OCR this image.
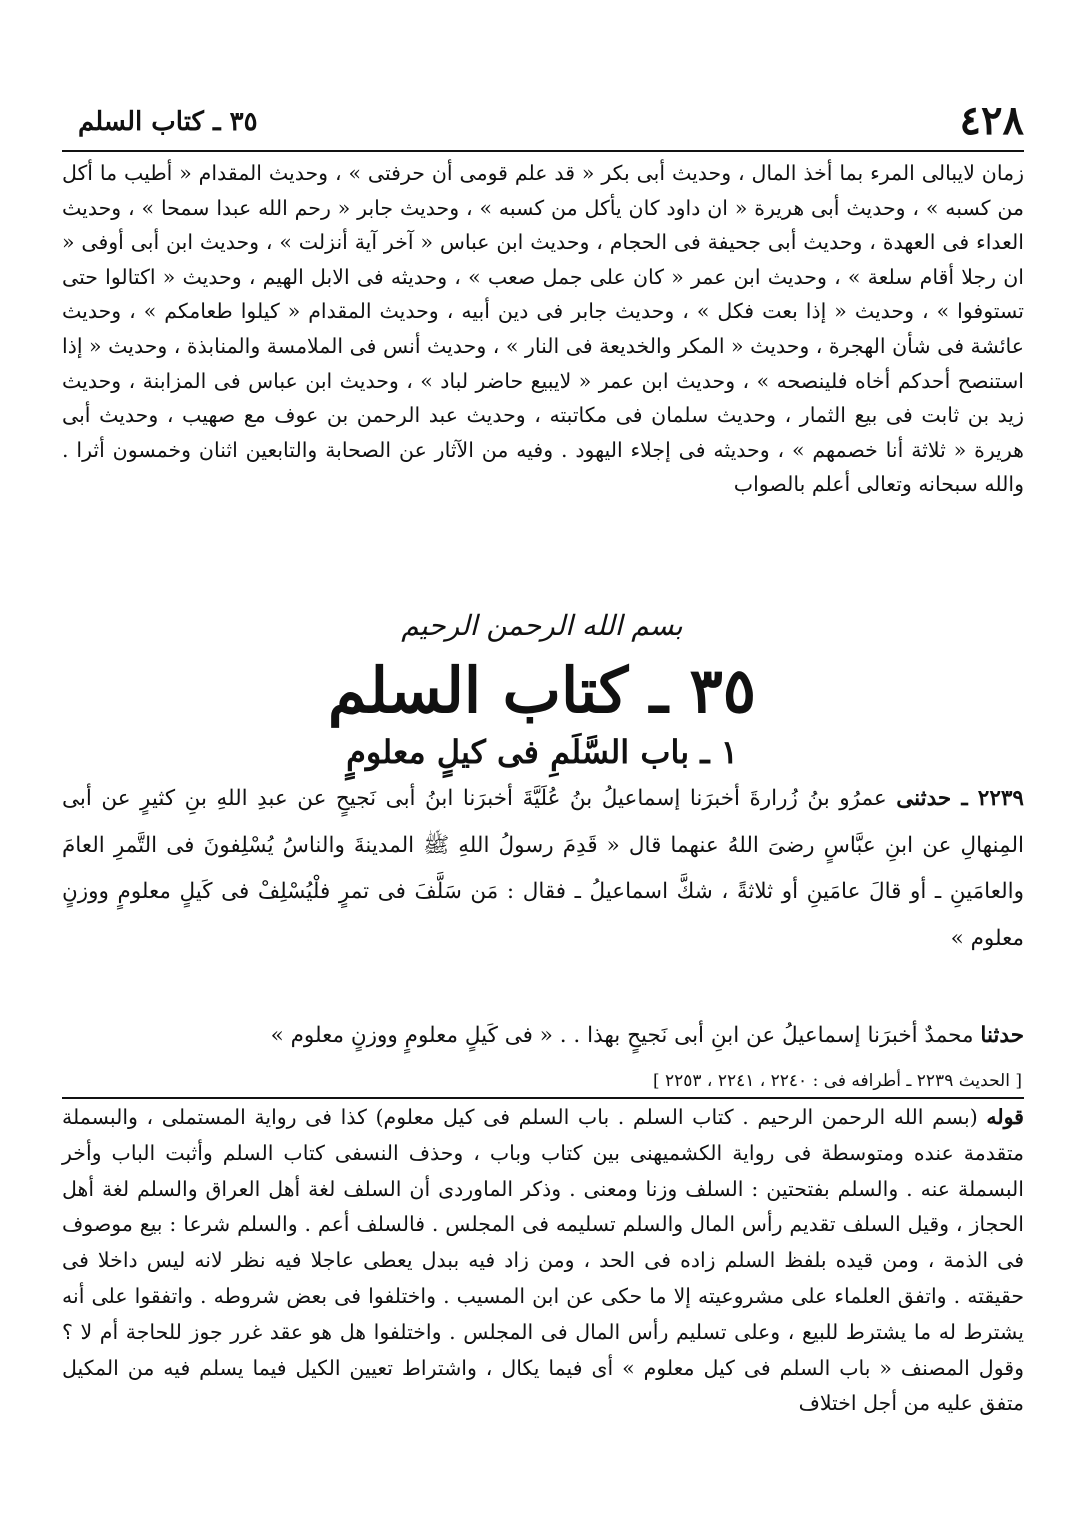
٤٢٨
٣٥ ـ كتاب السلم

زمان لايبالى المرء بما أخذ المال ، وحديث أبى بكر « قد علم قومى أن حرفتى » ، وحديث المقدام « أطيب ما أكل من كسبه » ، وحديث أبى هريرة « ان داود كان يأكل من كسبه » ، وحديث جابر « رحم الله عبدا سمحا » ، وحديث العداء فى العهدة ، وحديث أبى جحيفة فى الحجام ، وحديث ابن عباس « آخر آية أنزلت » ، وحديث ابن أبى أوفى « ان رجلا أقام سلعة » ، وحديث ابن عمر « كان على جمل صعب » ، وحديثه فى الابل الهيم ، وحديث « اكتالوا حتى تستوفوا » ، وحديث « إذا بعت فكل » ، وحديث جابر فى دين أبيه ، وحديث المقدام « كيلوا طعامكم » ، وحديث عائشة فى شأن الهجرة ، وحديث « المكر والخديعة فى النار » ، وحديث أنس فى الملامسة والمنابذة ، وحديث « إذا استنصح أحدكم أخاه فلينصحه » ، وحديث ابن عمر « لايبيع حاضر لباد » ، وحديث ابن عباس فى المزابنة ، وحديث زيد بن ثابت فى بيع الثمار ، وحديث سلمان فى مكاتبته ، وحديث عبد الرحمن بن عوف مع صهيب ، وحديث أبى هريرة « ثلاثة أنا خصمهم » ، وحديثه فى إجلاء اليهود . وفيه من الآثار عن الصحابة والتابعين اثنان وخمسون أثرا . والله سبحانه وتعالى أعلم بالصواب

بسم الله الرحمن الرحيم
٣٥ ـ كتاب السلم
١ ـ باب السَّلَمِ فى كيلٍ معلومٍ

٢٢٣٩ ـ حدثنى عمرُو بنُ زُرارةَ أخبرَنا إسماعيلُ بنُ عُلَيَّةَ أخبرَنا ابنُ أبى نَجيحٍ عن عبدِ اللهِ بنِ كثيرٍ عن أبى المِنهالِ عن ابنِ عبَّاسٍ رضىَ اللهُ عنهما قال « قَدِمَ رسولُ اللهِ ﷺ المدينةَ والناسُ يُسْلِفونَ فى التَّمرِ العامَ والعامَينِ ـ أو قالَ عامَينِ أو ثلاثةً ، شكَّ اسماعيلُ ـ فقال : مَن سَلَّفَ فى تمرٍ فلْيُسْلِفْ فى كَيلٍ معلومٍ ووزنٍ معلوم »

حدثنا محمدٌ أخبرَنا إسماعيلُ عن ابنِ أبى نَجيحٍ بهذا . . « فى كَيلٍ معلومٍ ووزنٍ معلوم »

[ الحديث ٢٢٣٩ ـ أطرافه فى : ٢٢٤٠ ، ٢٢٤١ ، ٢٢٥٣ ]

قوله (بسم الله الرحمن الرحيم . كتاب السلم . باب السلم فى كيل معلوم) كذا فى رواية المستملى ، والبسملة متقدمة عنده ومتوسطة فى رواية الكشميهنى بين كتاب وباب ، وحذف النسفى كتاب السلم وأثبت الباب وأخر البسملة عنه . والسلم بفتحتين : السلف وزنا ومعنى . وذكر الماوردى أن السلف لغة أهل العراق والسلم لغة أهل الحجاز ، وقيل السلف تقديم رأس المال والسلم تسليمه فى المجلس . فالسلف أعم . والسلم شرعا : بيع موصوف فى الذمة ، ومن قيده بلفظ السلم زاده فى الحد ، ومن زاد فيه ببدل يعطى عاجلا فيه نظر لانه ليس داخلا فى حقيقته . واتفق العلماء على مشروعيته إلا ما حكى عن ابن المسيب . واختلفوا فى بعض شروطه . واتفقوا على أنه يشترط له ما يشترط للبيع ، وعلى تسليم رأس المال فى المجلس . واختلفوا هل هو عقد غرر جوز للحاجة أم لا ؟ وقول المصنف « باب السلم فى كيل معلوم » أى فيما يكال ، واشتراط تعيين الكيل فيما يسلم فيه من المكيل متفق عليه من أجل اختلاف
